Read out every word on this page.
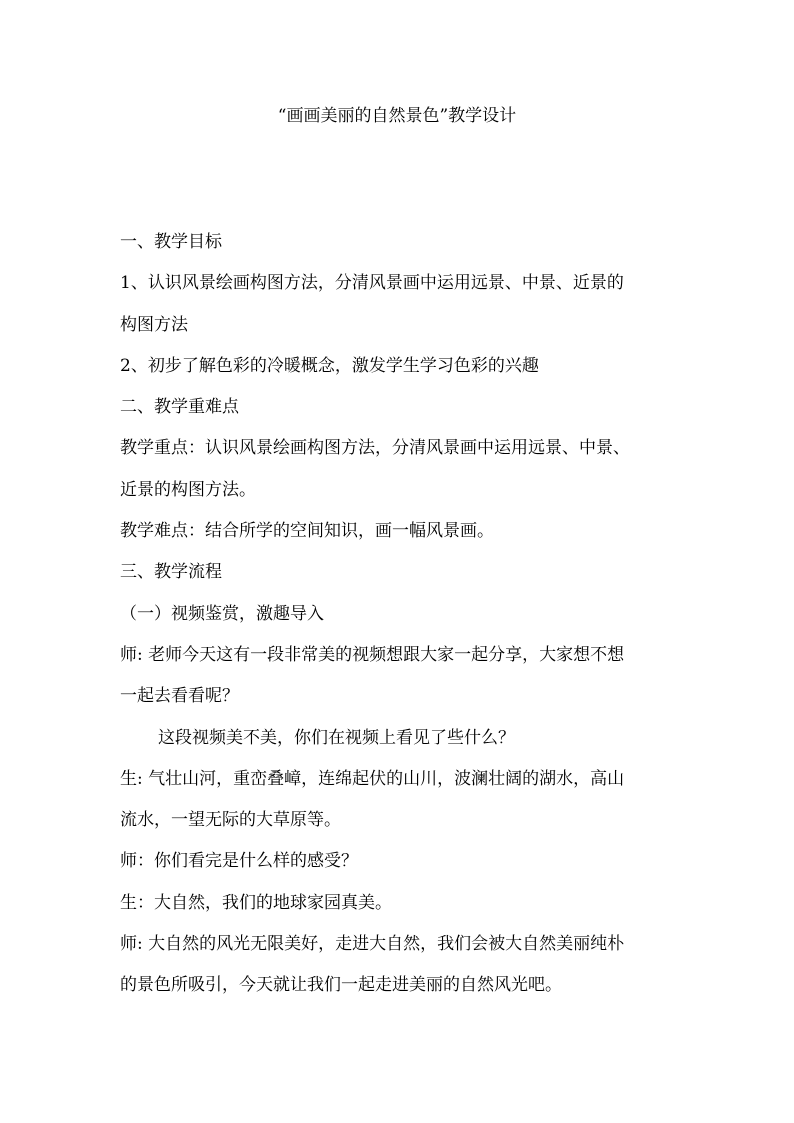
“画画美丽的自然景色”教学设计
一、教学目标
1、认识风景绘画构图方法，分清风景画中运用远景、中景、近景的
构图方法
2、初步了解色彩的冷暖概念，激发学生学习色彩的兴趣
二、教学重难点
教学重点：认识风景绘画构图方法，分清风景画中运用远景、中景、
近景的构图方法。
教学难点：结合所学的空间知识，画一幅风景画。
三、教学流程
（一）视频鉴赏，激趣导入
师: 老师今天这有一段非常美的视频想跟大家一起分享，大家想不想
一起去看看呢？
这段视频美不美，你们在视频上看见了些什么？
生: 气壮山河，重峦叠嶂，连绵起伏的山川，波澜壮阔的湖水，高山
流水，一望无际的大草原等。
师：你们看完是什么样的感受？
生：大自然，我们的地球家园真美。
师: 大自然的风光无限美好，走进大自然，我们会被大自然美丽纯朴
的景色所吸引，今天就让我们一起走进美丽的自然风光吧。
